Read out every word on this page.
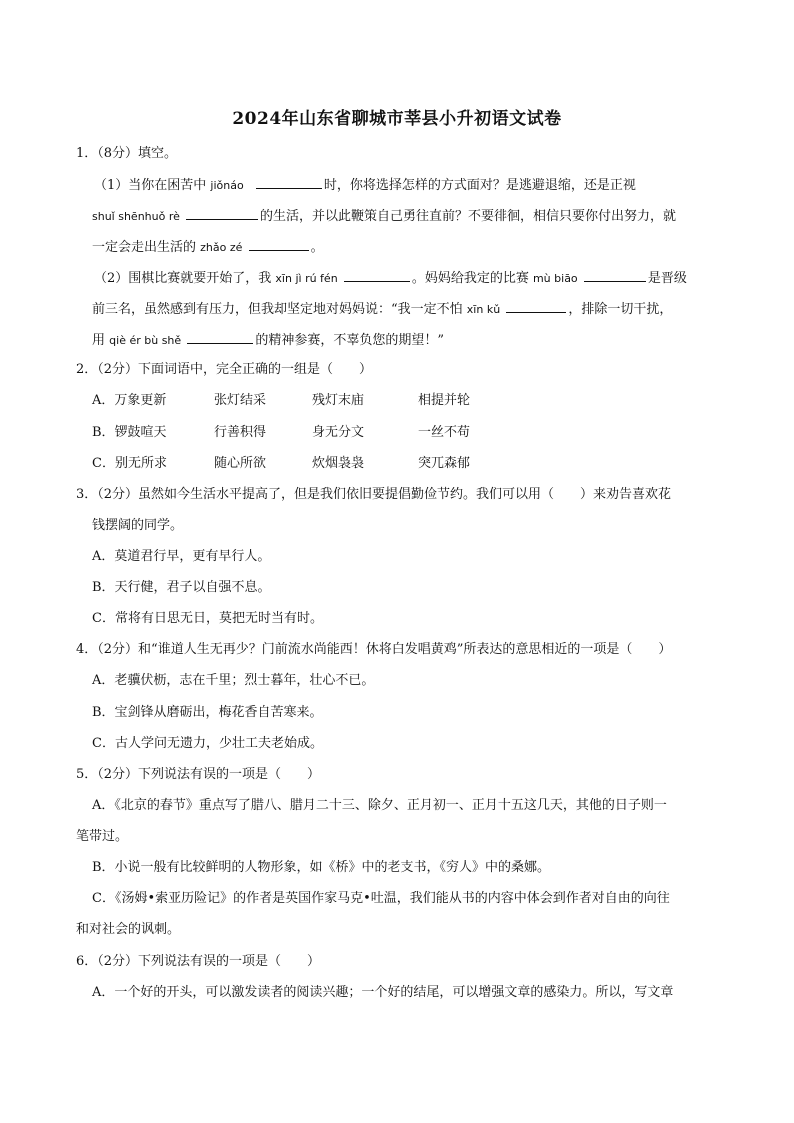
2024年山东省聊城市莘县小升初语文试卷
1．（8分）填空。
（1）当你在困苦中 jiǒnáo	时，你将选择怎样的方式面对？是逃避退缩，还是正视
shuǐ shēnhuǒ rè	的生活，并以此鞭策自己勇往直前？不要徘徊，相信只要你付出努力，就
一定会走出生活的 zhǎo zé	。
（2）围棋比赛就要开始了，我 xīn jì rú fén	。妈妈给我定的比赛 mù biāo	是晋级
前三名，虽然感到有压力，但我却坚定地对妈妈说：“我一定不怕 xīn kǔ	，排除一切干扰，
用 qiè ér bù shě	的精神参赛，不辜负您的期望！”
2．（2分）下面词语中，完全正确的一组是（　　）
A．万象更新	张灯结采	残灯末庙	相提并轮
B．锣鼓喧天	行善积得	身无分文	一丝不苟
C．别无所求	随心所欲	炊烟袅袅	突兀森郁
3．（2分）虽然如今生活水平提高了，但是我们依旧要提倡勤俭节约。我们可以用（　　）来劝告喜欢花
钱摆阔的同学。
A．莫道君行早，更有早行人。
B．天行健，君子以自强不息。
C．常将有日思无日，莫把无时当有时。
4．（2分）和“谁道人生无再少？门前流水尚能西！休将白发唱黄鸡”所表达的意思相近的一项是（　　）
A．老骥伏枥，志在千里；烈士暮年，壮心不已。
B．宝剑锋从磨砺出，梅花香自苦寒来。
C．古人学问无遗力，少壮工夫老始成。
5．（2分）下列说法有误的一项是（　　）
A．《北京的春节》重点写了腊八、腊月二十三、除夕、正月初一、正月十五这几天，其他的日子则一
笔带过。
B．小说一般有比较鲜明的人物形象，如《桥》中的老支书，《穷人》中的桑娜。
C．《汤姆•索亚历险记》的作者是英国作家马克•吐温，我们能从书的内容中体会到作者对自由的向往
和对社会的讽刺。
6．（2分）下列说法有误的一项是（　　）
A．一个好的开头，可以激发读者的阅读兴趣；一个好的结尾，可以增强文章的感染力。所以，写文章
